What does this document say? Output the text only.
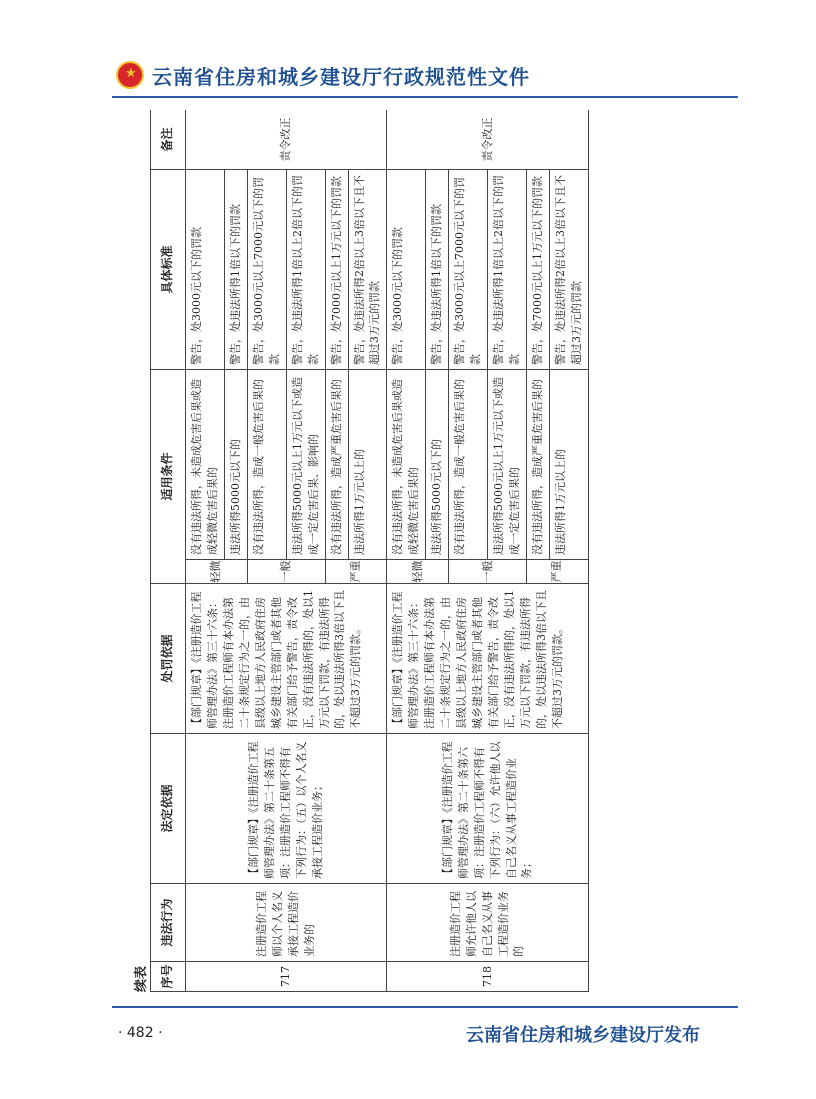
★
云南省住房和城乡建设厅行政规范性文件
续表 序号	违法行为	法定依据	处罚依据	适用条件		具体标准	备注
717	注册造价工程师以个人名义承接工程造价业务的	【部门规章】《注册造价工程师管理办法》第二十条第五项：注册造价工程师不得有下列行为：（五）以个人名义承接工程造价业务；	【部门规章】《注册造价工程师管理办法》第三十六条：注册造价工程师有本办法第二十条规定行为之一的，由县级以上地方人民政府住房城乡建设主管部门或者其他有关部门给予警告，责令改正，没有违法所得的，处以1万元以下罚款，有违法所得的，处以违法所得3倍以下且不超过3万元的罚款。	轻微	没有违法所得，未造成危害后果或造成轻微危害后果的	警告，处3000元以下的罚款	责令改正
					违法所得5000元以下的	警告，处违法所得1倍以下的罚款	
				一般	没有违法所得，造成一般危害后果的	警告，处3000元以上7000元以下的罚款	
					违法所得5000元以上1万元以下或造成一定危害后果、影响的	警告，处违法所得1倍以上2倍以下的罚款	
				严重	没有违法所得，造成严重危害后果的	警告，处7000元以上1万元以下的罚款	
					违法所得1万元以上的	警告，处违法所得2倍以上3倍以下且不超过3万元的罚款	
718	注册造价工程师允许他人以自己名义从事工程造价业务的	【部门规章】《注册造价工程师管理办法》第二十条第六项：注册造价工程师不得有下列行为：（六）允许他人以自己名义从事工程造价业务；	【部门规章】《注册造价工程师管理办法》第三十六条：注册造价工程师有本办法第二十条规定行为之一的，由县级以上地方人民政府住房城乡建设主管部门或者其他有关部门给予警告，责令改正，没有违法所得的，处以1万元以下罚款，有违法所得的，处以违法所得3倍以下且不超过3万元的罚款。	轻微	没有违法所得，未造成危害后果或造成轻微危害后果的	警告，处3000元以下的罚款	责令改正
					违法所得5000元以下的	警告，处违法所得1倍以下的罚款	
				一般	没有违法所得，造成一般危害后果的	警告，处3000元以上7000元以下的罚款	
					违法所得5000元以上1万元以下或造成一定危害后果的	警告，处违法所得1倍以上2倍以下的罚款	
				严重	没有违法所得，造成严重危害后果的	警告，处7000元以上1万元以下的罚款	
					违法所得1万元以上的	警告，处违法所得2倍以上3倍以下且不超过3万元的罚款	
· 482 ·	云南省住房和城乡建设厅发布
